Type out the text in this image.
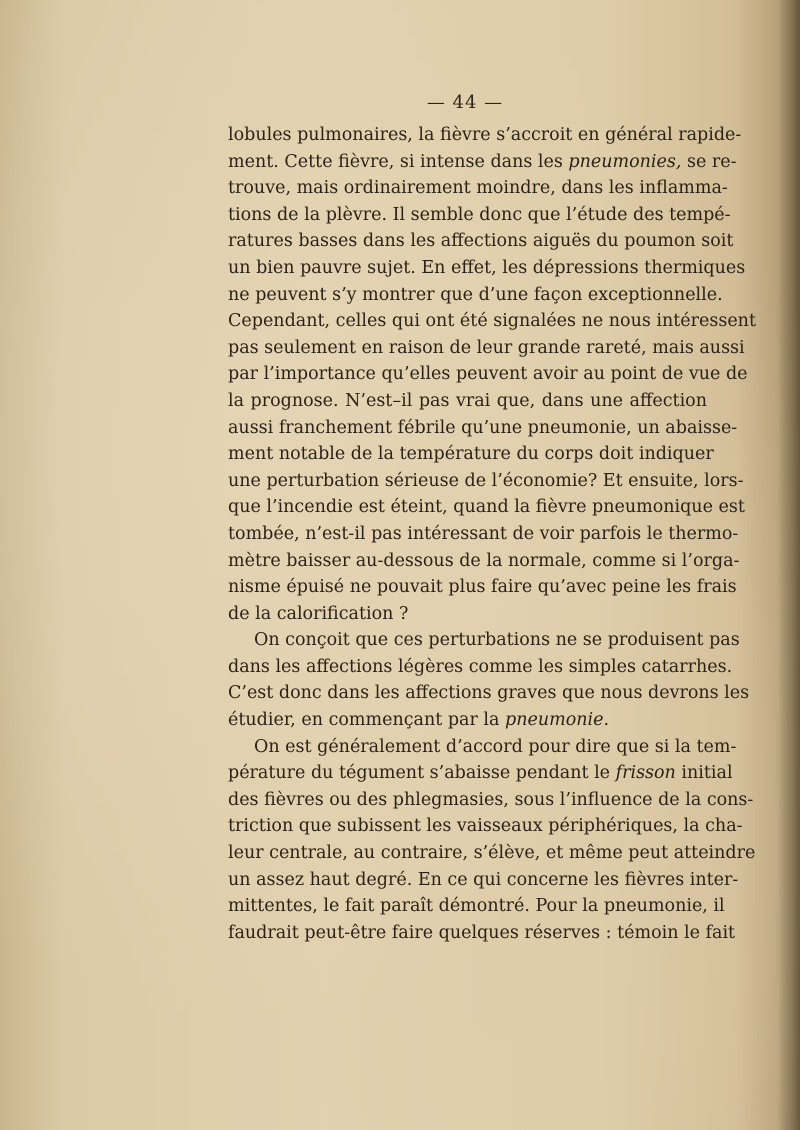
— 44 —

lobules pulmonaires, la fièvre s’accroit en général rapide-
ment. Cette fièvre, si intense dans les pneumonies, se re-
trouve, mais ordinairement moindre, dans les inflamma-
tions de la plèvre. Il semble donc que l’étude des tempé-
ratures basses dans les affections aiguës du poumon soit
un bien pauvre sujet. En effet, les dépressions thermiques
ne peuvent s’y montrer que d’une façon exceptionnelle.
Cependant, celles qui ont été signalées ne nous intéressent
pas seulement en raison de leur grande rareté, mais aussi
par l’importance qu’elles peuvent avoir au point de vue de
la prognose. N’est–il pas vrai que, dans une affection
aussi franchement fébrile qu’une pneumonie, un abaisse-
ment notable de la température du corps doit indiquer
une perturbation sérieuse de l’économie? Et ensuite, lors-
que l’incendie est éteint, quand la fièvre pneumonique est
tombée, n’est-il pas intéressant de voir parfois le thermo-
mètre baisser au-dessous de la normale, comme si l’orga-
nisme épuisé ne pouvait plus faire qu’avec peine les frais
de la calorification ?

On conçoit que ces perturbations ne se produisent pas
dans les affections légères comme les simples catarrhes.
C’est donc dans les affections graves que nous devrons les
étudier, en commençant par la pneumonie.

On est généralement d’accord pour dire que si la tem-
pérature du tégument s’abaisse pendant le frisson initial
des fièvres ou des phlegmasies, sous l’influence de la cons-
triction que subissent les vaisseaux périphériques, la cha-
leur centrale, au contraire, s’élève, et même peut atteindre
un assez haut degré. En ce qui concerne les fièvres inter-
mittentes, le fait paraît démontré. Pour la pneumonie, il
faudrait peut-être faire quelques réserves : témoin le fait
